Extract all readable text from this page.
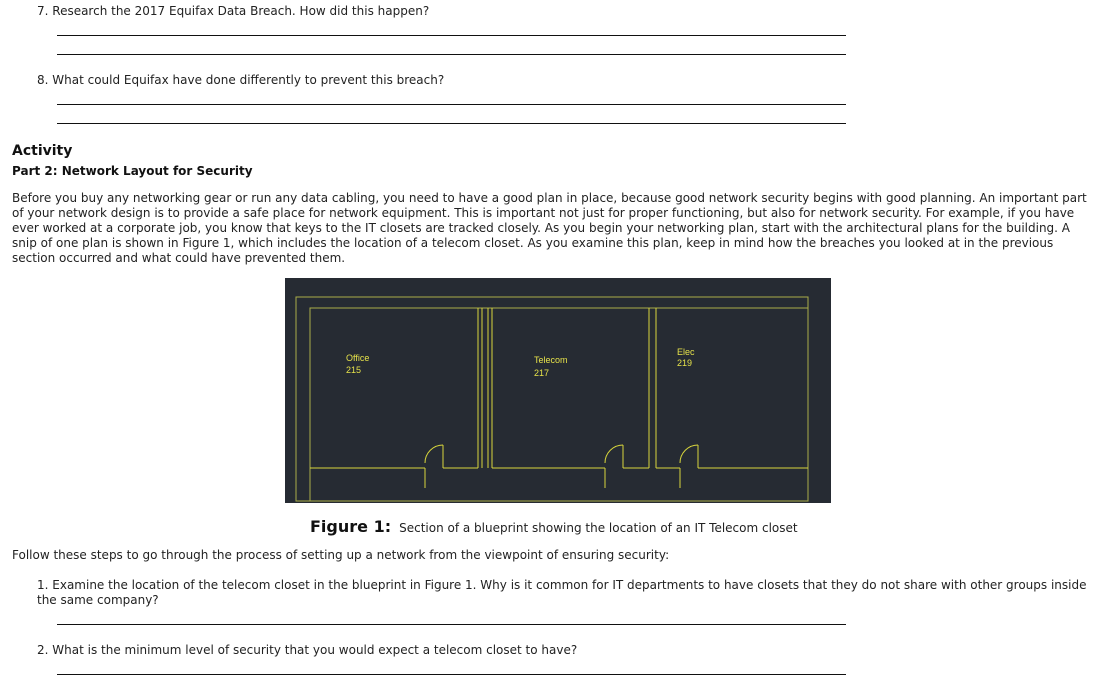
7. Research the 2017 Equifax Data Breach. How did this happen?
8. What could Equifax have done differently to prevent this breach?
Activity
Part 2: Network Layout for Security
Before you buy any networking gear or run any data cabling, you need to have a good plan in place, because good network security begins with good planning. An important part of your network design is to provide a safe place for network equipment. This is important not just for proper functioning, but also for network security. For example, if you have ever worked at a corporate job, you know that keys to the IT closets are tracked closely. As you begin your networking plan, start with the architectural plans for the building. A snip of one plan is shown in Figure 1, which includes the location of a telecom closet. As you examine this plan, keep in mind how the breaches you looked at in the previous section occurred and what could have prevented them.
Office
215
Telecom
217
Elec
219
Figure 1: Section of a blueprint showing the location of an IT Telecom closet
Follow these steps to go through the process of setting up a network from the viewpoint of ensuring security:
1. Examine the location of the telecom closet in the blueprint in Figure 1. Why is it common for IT departments to have closets that they do not share with other groups inside the same company?
2. What is the minimum level of security that you would expect a telecom closet to have?
